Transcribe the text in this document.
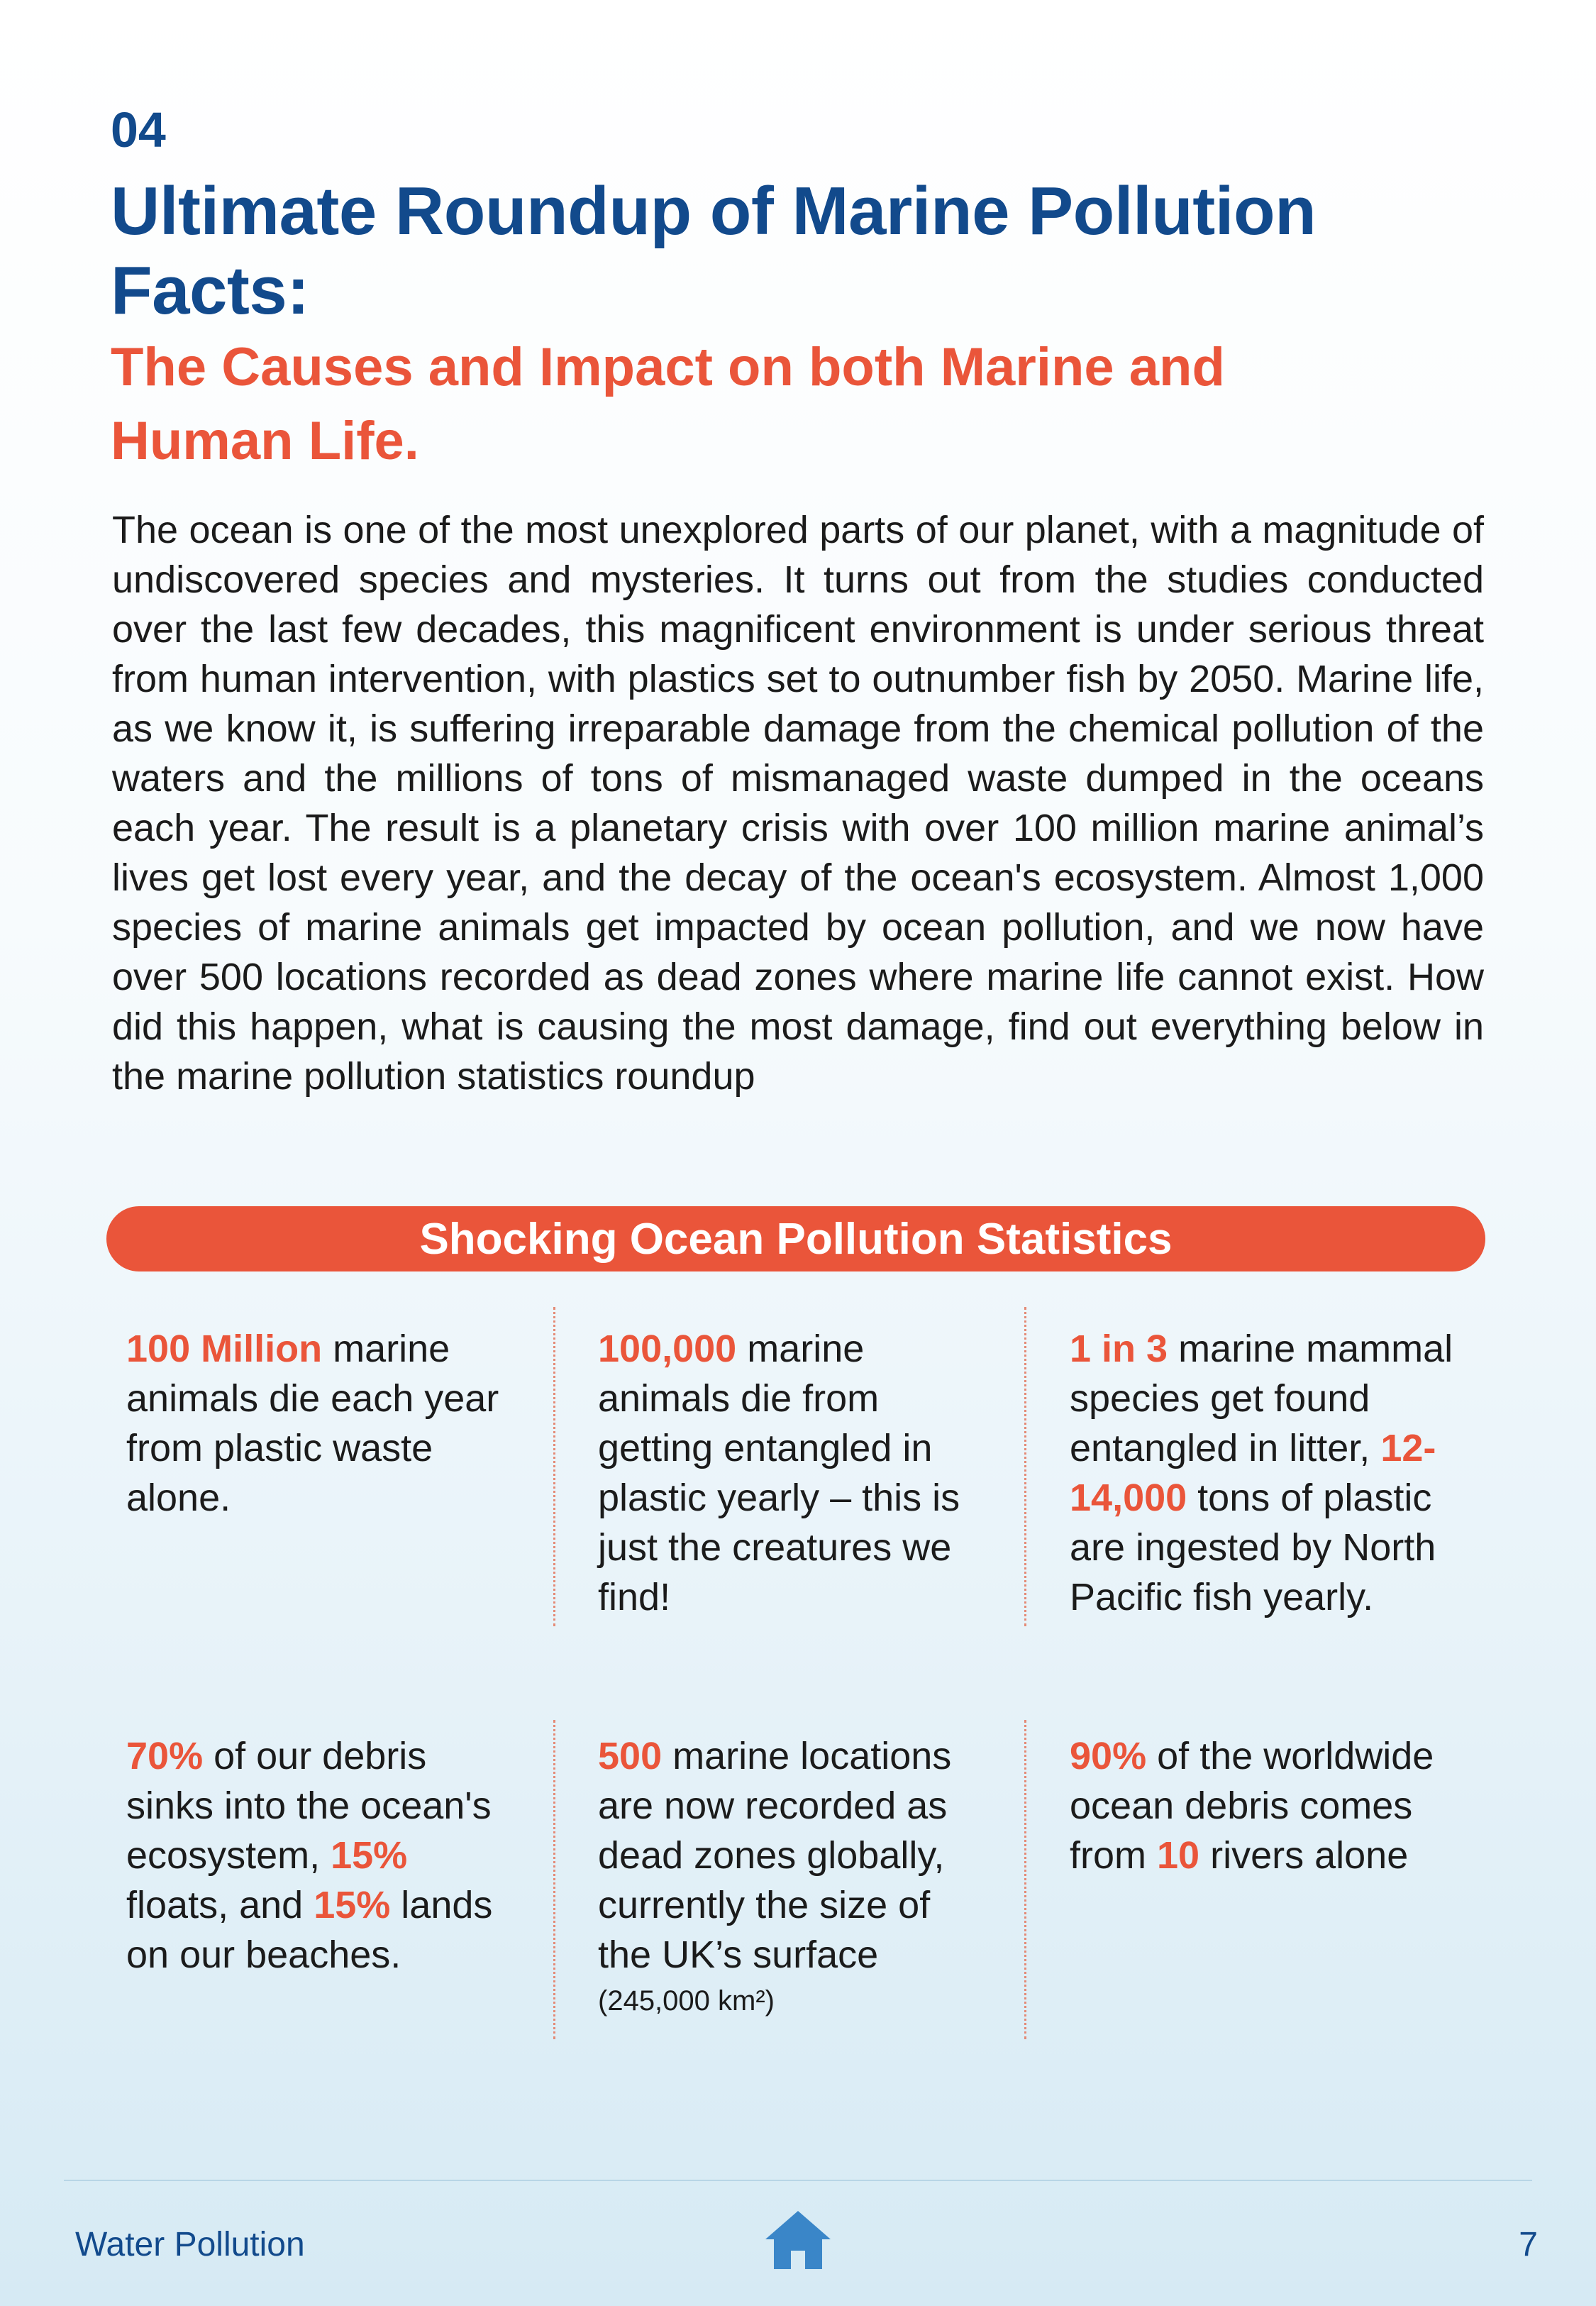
04
Ultimate Roundup of Marine Pollution Facts:
The Causes and Impact on both Marine and Human Life.
The ocean is one of the most unexplored parts of our planet, with a magnitude of undiscovered species and mysteries. It turns out from the studies conducted over the last few decades, this magnificent environment is under serious threat from human intervention, with plastics set to outnumber fish by 2050. Marine life, as we know it, is suffering irreparable damage from the chemical pollution of the waters and the millions of tons of mismanaged waste dumped in the oceans each year. The result is a planetary crisis with over 100 million marine animal’s lives get lost every year, and the decay of the ocean's ecosystem. Almost 1,000 species of marine animals get impacted by ocean pollution, and we now have over 500 locations recorded as dead zones where marine life cannot exist. How did this happen, what is causing the most damage, find out everything below in the marine pollution statistics roundup
Shocking Ocean Pollution Statistics
100 Million marine animals die each year from plastic waste alone.
100,000 marine animals die from getting entangled in plastic yearly – this is just the creatures we find!
1 in 3 marine mammal species get found entangled in litter, 12-14,000 tons of plastic are ingested by North Pacific fish yearly.
70% of our debris sinks into the ocean's ecosystem, 15% floats, and 15% lands on our beaches.
500 marine locations are now recorded as dead zones globally, currently the size of the UK’s surface
(245,000 km²)
90% of the worldwide ocean debris comes from 10 rivers alone
Water Pollution	7
